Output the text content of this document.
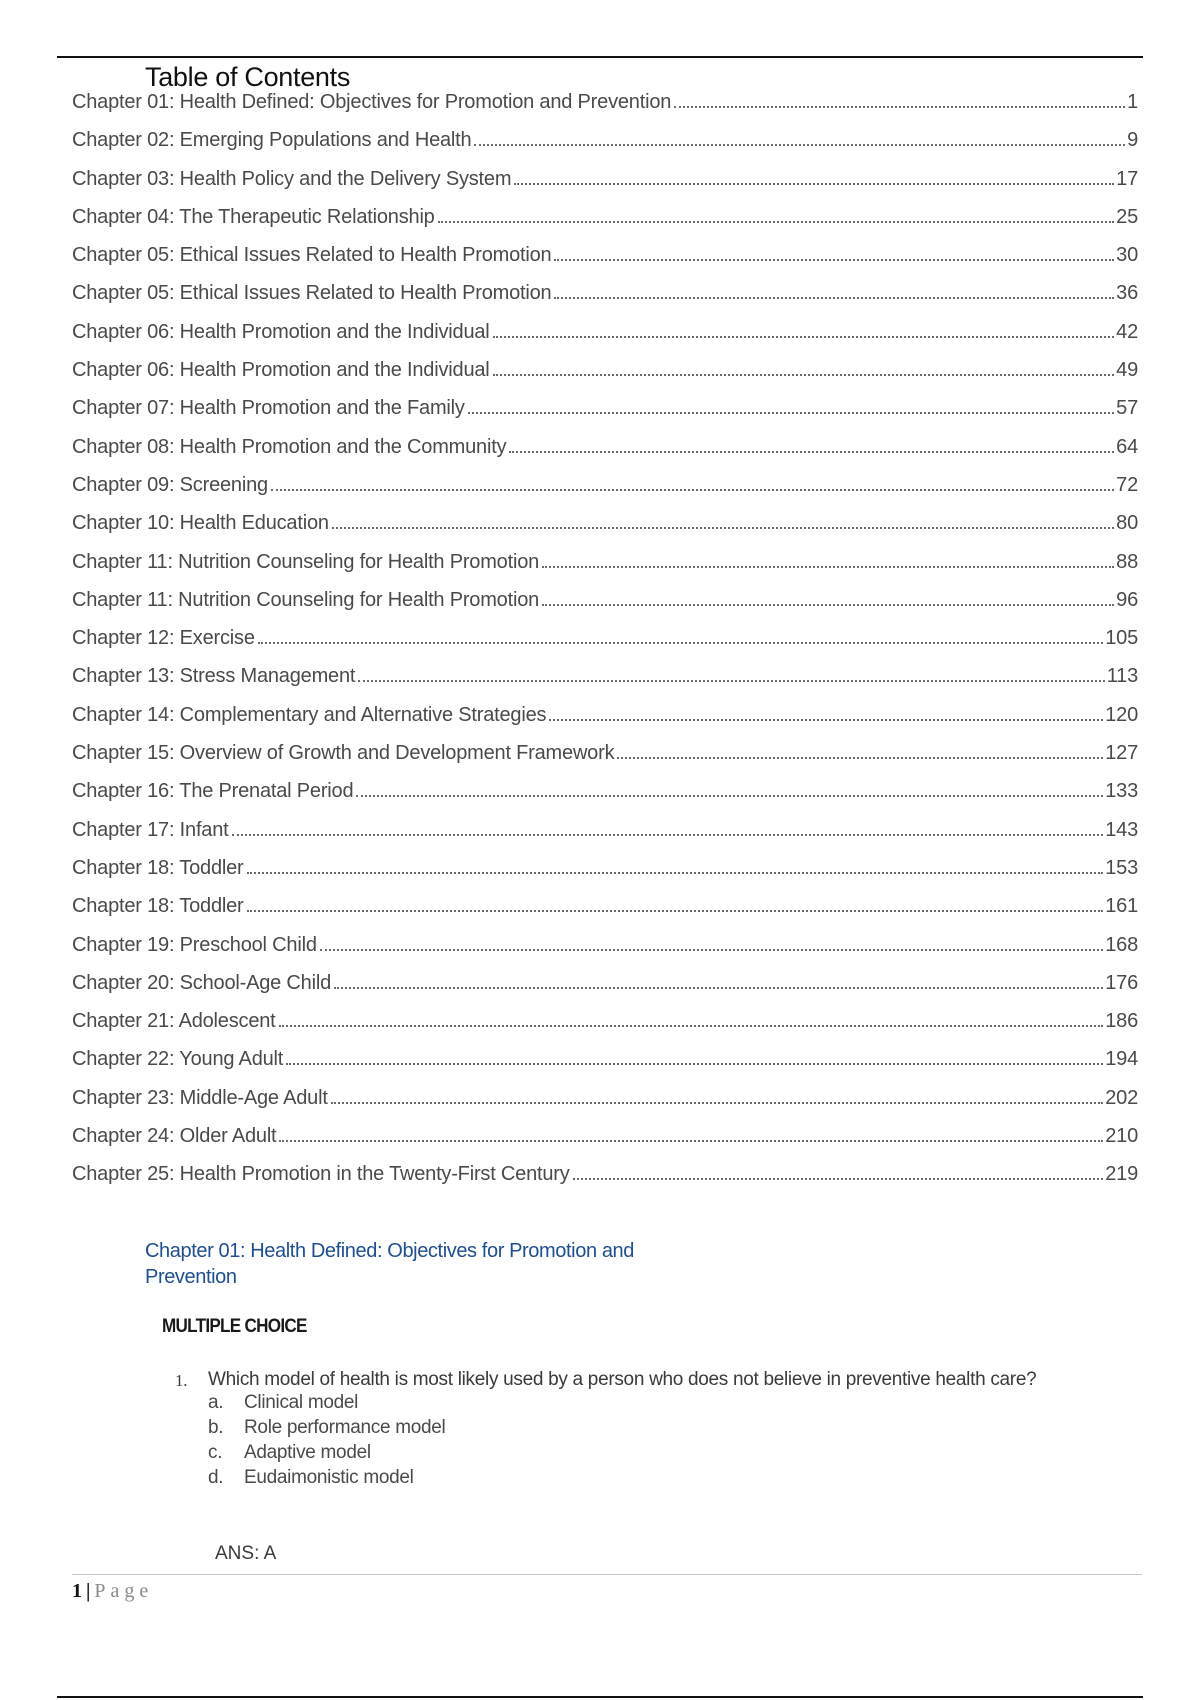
Table of Contents
Chapter 01: Health Defined: Objectives for Promotion and Prevention	1
Chapter 02: Emerging Populations and Health	9
Chapter 03: Health Policy and the Delivery System	17
Chapter 04: The Therapeutic Relationship	25
Chapter 05: Ethical Issues Related to Health Promotion	30
Chapter 05: Ethical Issues Related to Health Promotion	36
Chapter 06: Health Promotion and the Individual	42
Chapter 06: Health Promotion and the Individual	49
Chapter 07: Health Promotion and the Family	57
Chapter 08: Health Promotion and the Community	64
Chapter 09: Screening	72
Chapter 10: Health Education	80
Chapter 11: Nutrition Counseling for Health Promotion	88
Chapter 11: Nutrition Counseling for Health Promotion	96
Chapter 12: Exercise	105
Chapter 13: Stress Management	113
Chapter 14: Complementary and Alternative Strategies	120
Chapter 15: Overview of Growth and Development Framework	127
Chapter 16: The Prenatal Period	133
Chapter 17: Infant	143
Chapter 18: Toddler	153
Chapter 18: Toddler	161
Chapter 19: Preschool Child	168
Chapter 20: School-Age Child	176
Chapter 21: Adolescent	186
Chapter 22: Young Adult	194
Chapter 23: Middle-Age Adult	202
Chapter 24: Older Adult	210
Chapter 25: Health Promotion in the Twenty-First Century	219
Chapter 01: Health Defined: Objectives for Promotion and
Prevention
MULTIPLE CHOICE
1. Which model of health is most likely used by a person who does not believe in preventive health care?
a.	Clinical model
b.	Role performance model
c.	Adaptive model
d.	Eudaimonistic model
ANS: A
1 | Page
